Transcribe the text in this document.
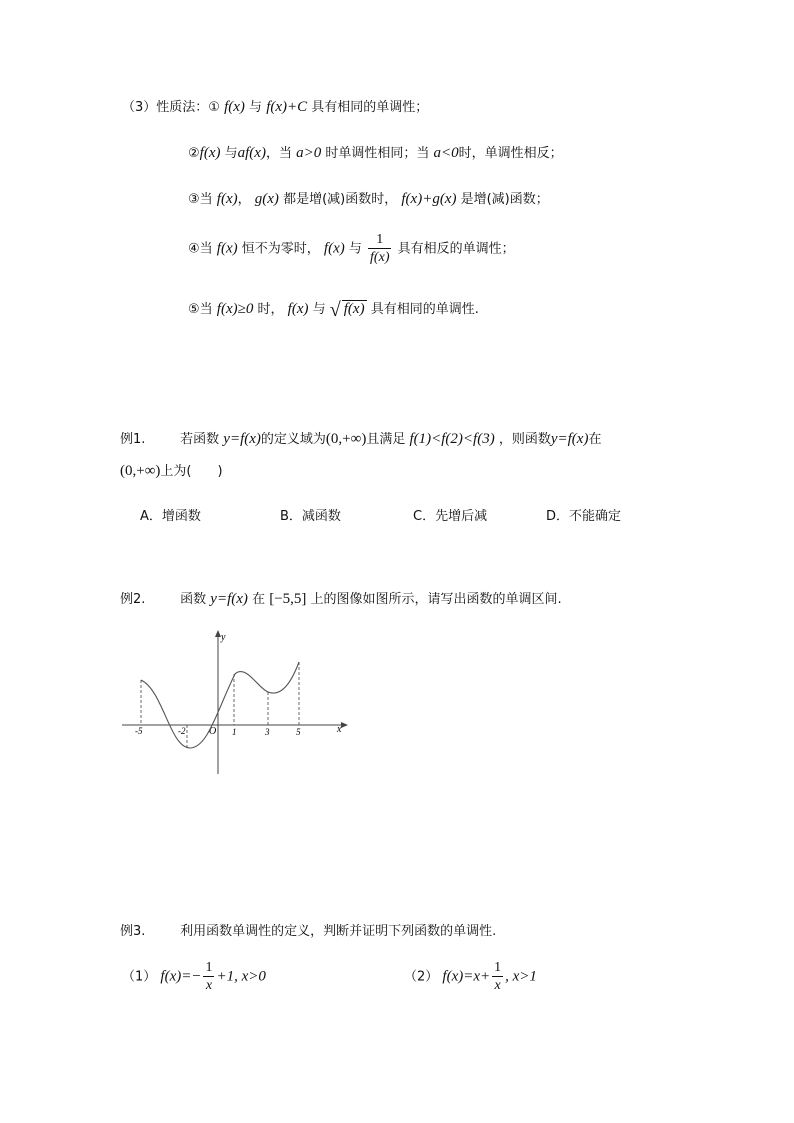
（3）性质法：① f(x) 与 f(x)+C 具有相同的单调性；
②f(x) 与af(x)，当 a>0 时单调性相同；当 a<0时，单调性相反；
③当 f(x)， g(x) 都是增(减)函数时， f(x)+g(x) 是增(减)函数；
④当 f(x) 恒不为零时， f(x) 与 $\frac{1}{f(x)}$ 具有相反的单调性；
⑤当 f(x)≥0 时， f(x) 与 √ f(x) 具有相同的单调性.
例1.	若函数 y=f(x)的定义域为(0,+∞)且满足 f(1)<f(2)<f(3) ，则函数y=f(x)在
(0,+∞)上为(　　)
A．增函数	B．减函数	C．先增后减	D．不能确定
例2.	函数 y=f(x) 在 [−5,5] 上的图像如图所示，请写出函数的单调区间.
y
x
O
-5	-2	1	3	5
例3.	利用函数单调性的定义，判断并证明下列函数的单调性.
（1） $f(x)=- \frac{1}{x} +1$, x>0	（2） $f(x)=x+ \frac{1}{x}$ , x>1
